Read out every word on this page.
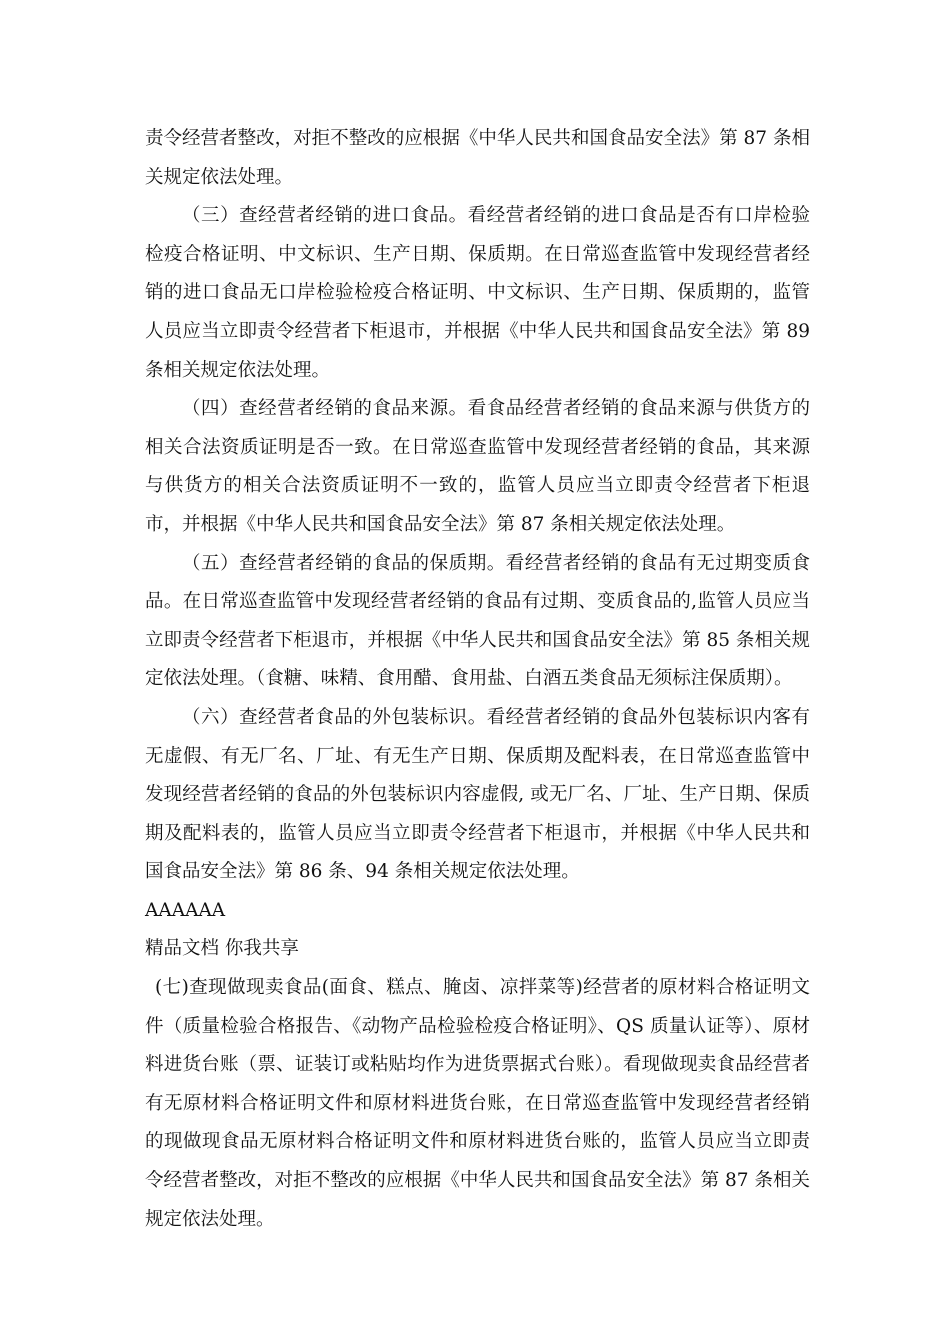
责令经营者整改，对拒不整改的应根据《中华人民共和国食品安全法》第 87 条相关规定依法处理。

（三）查经营者经销的进口食品。看经营者经销的进口食品是否有口岸检验检疫合格证明、中文标识、生产日期、保质期。在日常巡查监管中发现经营者经销的进口食品无口岸检验检疫合格证明、中文标识、生产日期、保质期的，监管人员应当立即责令经营者下柜退市，并根据《中华人民共和国食品安全法》第 89 条相关规定依法处理。

（四）查经营者经销的食品来源。看食品经营者经销的食品来源与供货方的相关合法资质证明是否一致。在日常巡查监管中发现经营者经销的食品，其来源与供货方的相关合法资质证明不一致的，监管人员应当立即责令经营者下柜退市，并根据《中华人民共和国食品安全法》第 87 条相关规定依法处理。

（五）查经营者经销的食品的保质期。看经营者经销的食品有无过期变质食品。在日常巡查监管中发现经营者经销的食品有过期、变质食品的,监管人员应当立即责令经营者下柜退市，并根据《中华人民共和国食品安全法》第 85 条相关规定依法处理。（食糖、味精、食用醋、食用盐、白酒五类食品无须标注保质期）。

（六）查经营者食品的外包装标识。看经营者经销的食品外包装标识内客有无虚假、有无厂名、厂址、有无生产日期、保质期及配料表，在日常巡查监管中发现经营者经销的食品的外包装标识内容虚假, 或无厂名、厂址、生产日期、保质期及配料表的，监管人员应当立即责令经营者下柜退市，并根据《中华人民共和国食品安全法》第 86 条、94 条相关规定依法处理。

AAAAAA

精品文档 你我共享

(七)查现做现卖食品(面食、糕点、腌卤、凉拌菜等)经营者的原材料合格证明文件（质量检验合格报告、《动物产品检验检疫合格证明》、QS 质量认证等）、原材料进货台账（票、证装订或粘贴均作为进货票据式台账）。看现做现卖食品经营者有无原材料合格证明文件和原材料进货台账，在日常巡查监管中发现经营者经销的现做现食品无原材料合格证明文件和原材料进货台账的，监管人员应当立即责令经营者整改，对拒不整改的应根据《中华人民共和国食品安全法》第 87 条相关规定依法处理。
